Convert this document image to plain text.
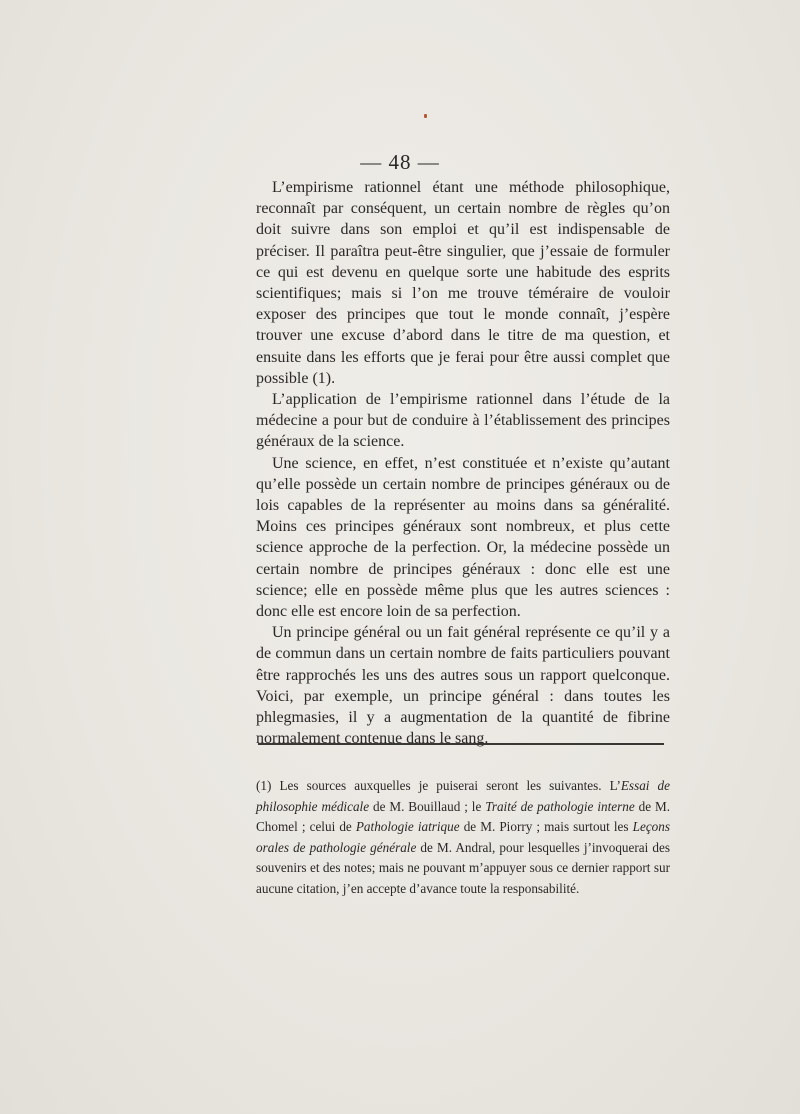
— 48 —

L’empirisme rationnel étant une méthode philosophique, reconnaît par conséquent, un certain nombre de règles qu’on doit suivre dans son emploi et qu’il est indispensable de préciser. Il paraîtra peut-être singulier, que j’essaie de formuler ce qui est devenu en quelque sorte une habitude des esprits scientifiques; mais si l’on me trouve téméraire de vouloir exposer des principes que tout le monde connaît, j’espère trouver une excuse d’abord dans le titre de ma question, et ensuite dans les efforts que je ferai pour être aussi complet que possible (1).

L’application de l’empirisme rationnel dans l’étude de la médecine a pour but de conduire à l’établissement des principes généraux de la science.

Une science, en effet, n’est constituée et n’existe qu’autant qu’elle possède un certain nombre de principes généraux ou de lois capables de la représenter au moins dans sa généralité. Moins ces principes généraux sont nombreux, et plus cette science approche de la perfection. Or, la médecine possède un certain nombre de principes généraux : donc elle est une science; elle en possède même plus que les autres sciences : donc elle est encore loin de sa perfection.

Un principe général ou un fait général représente ce qu’il y a de commun dans un certain nombre de faits particuliers pouvant être rapprochés les uns des autres sous un rapport quelconque. Voici, par exemple, un principe général : dans toutes les phlegmasies, il y a augmentation de la quantité de fibrine normalement contenue dans le sang.

(1) Les sources auxquelles je puiserai seront les suivantes. L’Essai de philosophie médicale de M. Bouillaud ; le Traité de pathologie interne de M. Chomel ; celui de Pathologie iatrique de M. Piorry ; mais surtout les Leçons orales de pathologie générale de M. Andral, pour lesquelles j’invoquerai des souvenirs et des notes; mais ne pouvant m’appuyer sous ce dernier rapport sur aucune citation, j’en accepte d’avance toute la responsabilité.
